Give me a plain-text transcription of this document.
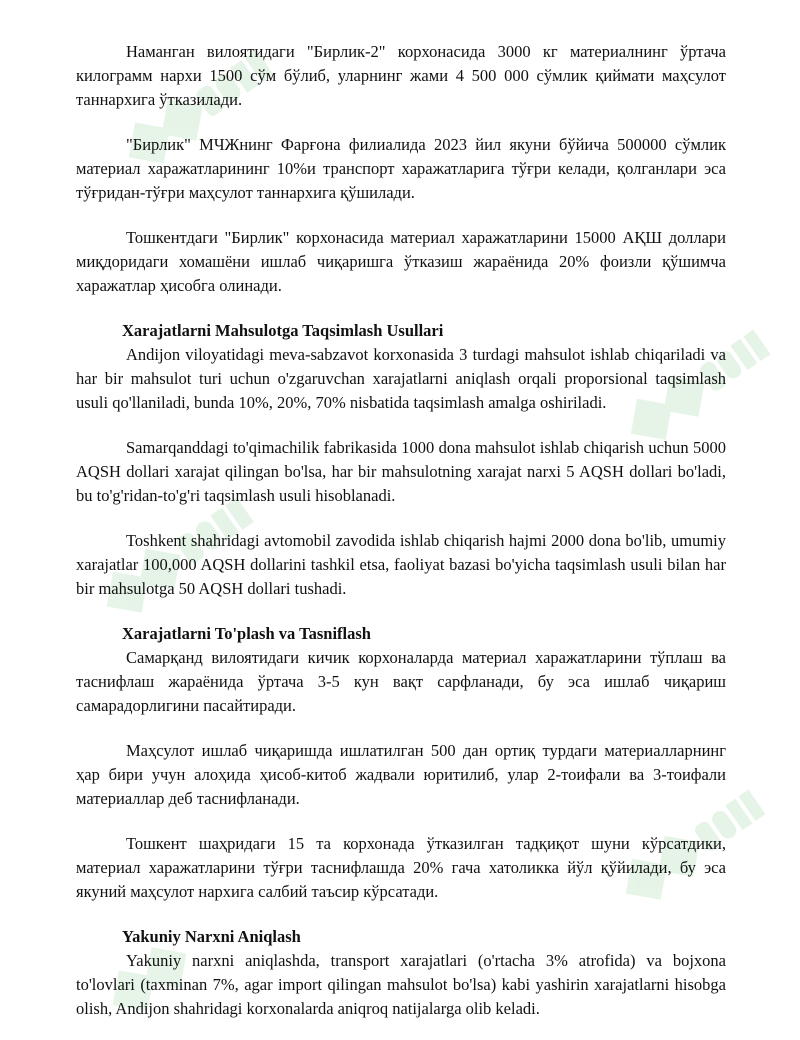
Наманган вилоятидаги "Бирлик-2" корхонасида 3000 кг материалнинг ўртача килограмм нархи 1500 сўм бўлиб, уларнинг жами 4 500 000 сўмлик қиймати маҳсулот таннархига ўтказилади.

"Бирлик" МЧЖнинг Фарғона филиалида 2023 йил якуни бўйича 500000 сўмлик материал харажатларининг 10%и транспорт харажатларига тўғри келади, қолганлари эса тўғридан-тўғри маҳсулот таннархига қўшилади.

Тошкентдаги "Бирлик" корхонасида материал харажатларини 15000 АҚШ доллари миқдоридаги хомашёни ишлаб чиқаришга ўтказиш жараёнида 20% фоизли қўшимча харажатлар ҳисобга олинади.

Xarajatlarni Mahsulotga Taqsimlash Usullari

Andijon viloyatidagi meva-sabzavot korxonasida 3 turdagi mahsulot ishlab chiqariladi va har bir mahsulot turi uchun o'zgaruvchan xarajatlarni aniqlash orqali proporsional taqsimlash usuli qo'llaniladi, bunda 10%, 20%, 70% nisbatida taqsimlash amalga oshiriladi.

Samarqanddagi to'qimachilik fabrikasida 1000 dona mahsulot ishlab chiqarish uchun 5000 AQSH dollari xarajat qilingan bo'lsa, har bir mahsulotning xarajat narxi 5 AQSH dollari bo'ladi, bu to'g'ridan-to'g'ri taqsimlash usuli hisoblanadi.

Toshkent shahridagi avtomobil zavodida ishlab chiqarish hajmi 2000 dona bo'lib, umumiy xarajatlar 100,000 AQSH dollarini tashkil etsa, faoliyat bazasi bo'yicha taqsimlash usuli bilan har bir mahsulotga 50 AQSH dollari tushadi.

Xarajatlarni To'plash va Tasniflash

Самарқанд вилоятидаги кичик корхоналарда материал харажатларини тўплаш ва таснифлаш жараёнида ўртача 3-5 кун вақт сарфланади, бу эса ишлаб чиқариш самарадорлигини пасайтиради.

Маҳсулот ишлаб чиқаришда ишлатилган 500 дан ортиқ турдаги материалларнинг ҳар бири учун алоҳида ҳисоб-китоб жадвали юритилиб, улар 2-тоифали ва 3-тоифали материаллар деб таснифланади.

Тошкент шаҳридаги 15 та корхонада ўтказилган тадқиқот шуни кўрсатдики, материал харажатларини тўғри таснифлашда 20% гача хатоликка йўл қўйилади, бу эса якуний маҳсулот нархига салбий таъсир кўрсатади.

Yakuniy Narxni Aniqlash

Yakuniy narxni aniqlashda, transport xarajatlari (o'rtacha 3% atrofida) va bojxona to'lovlari (taxminan 7%, agar import qilingan mahsulot bo'lsa) kabi yashirin xarajatlarni hisobga olish, Andijon shahridagi korxonalarda aniqroq natijalarga olib keladi.
